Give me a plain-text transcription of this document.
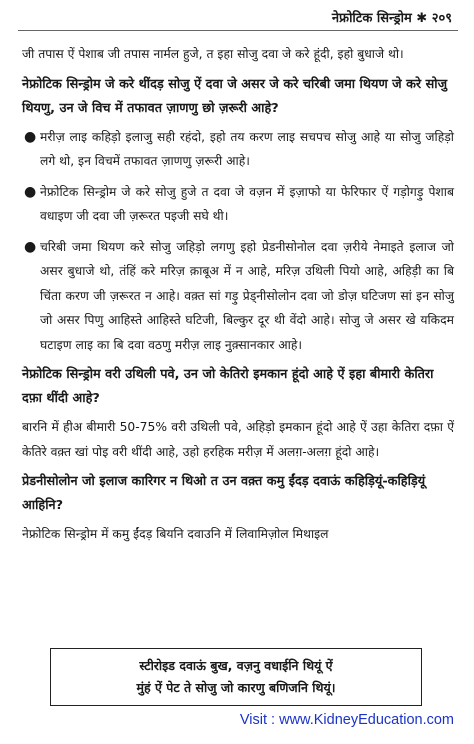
नेफ्रोटिक सिन्ड्रोम ✱ २०९

जी तपास ऐं पेशाब जी तपास नार्मल हुजे, त इहा सोजु दवा जे करे हूंदी, इहो बुधाजे थो।

नेफ्रोटिक सिन्ड्रोम जे करे थींदड़ सोजु ऐं दवा जे असर जे करे चरिबी जमा थियण जे करे सोजु थियणु, उन जे विच में तफावत ज़ाणणु छो ज़रूरी आहे?
● मरीज़ लाइ कहिड़ो इलाजु सही रहंदो, इहो तय करण लाइ सचपच सोजु आहे या सोजु जहिड़ो लगे थो, इन विचमें तफावत ज़ाणणु ज़रूरी आहे।
● नेफ्रोटिक सिन्ड्रोम जे करे सोजु हुजे त दवा जे वज़न में इज़ाफो या फेरिफार ऐं गड़ोगड़ु पेशाब वधाइण जी दवा जी ज़रूरत पइजी सघे थी।
● चरिबी जमा थियण करे सोजु जहिड़ो लगणु इहो प्रेडनीसोनोल दवा ज़रीये नेमाइते इलाज जो असर बुधाजे थो, तंहिं करे मरिज़ क़ाबूअ में न आहे, मरिज़ उथिली पियो आहे, अहिड़ी का बि चिंता करण जी ज़रूरत न आहे। वक़्त सां गड़ु प्रेड्नीसोलोन दवा जो डोज़ घटिजण सां इन सोजु जो असर पिणु आहिस्ते आहिस्ते घटिजी, बिल्कुर दूर थी वेंदो आहे। सोजु जे असर खे यकिदम घटाइण लाइ का बि दवा वठणु मरीज़ लाइ नुक़्सानकार आहे।
नेफ्रोटिक सिन्ड्रोम वरी उथिली पवे, उन जो केतिरो इमकान हूंदो आहे ऐं इहा बीमारी केतिरा दफ़ा थींदी आहे?

बारनि में हीअ बीमारी 50-75% वरी उथिली पवे, अहिड़ो इमकान हूंदो आहे ऐं उहा केतिरा दफ़ा ऐं केतिरे वक़्त खां पोइ वरी थींदी आहे, उहो हरहिक मरीज़ में अलग़-अलग़ हूंदो आहे।

प्रेडनीसोलोन जो इलाज कारिगर न थिओ त उन वक़्त कमु ईंदड़ दवाऊं कहिड़ियूं-कहिड़ियूं आहिनि?

नेफ्रोटिक सिन्ड्रोम में कमु ईंदड़ बियनि दवाउनि में लिवामिज़ोल मिथाइल

स्टीरोइड दवाऊं बुख, वज़नु वधाईनि थियूं ऐं
मुंहं ऐं पेट ते सोजु जो कारणु बणिजनि थियूं।
Visit : www.KidneyEducation.com
